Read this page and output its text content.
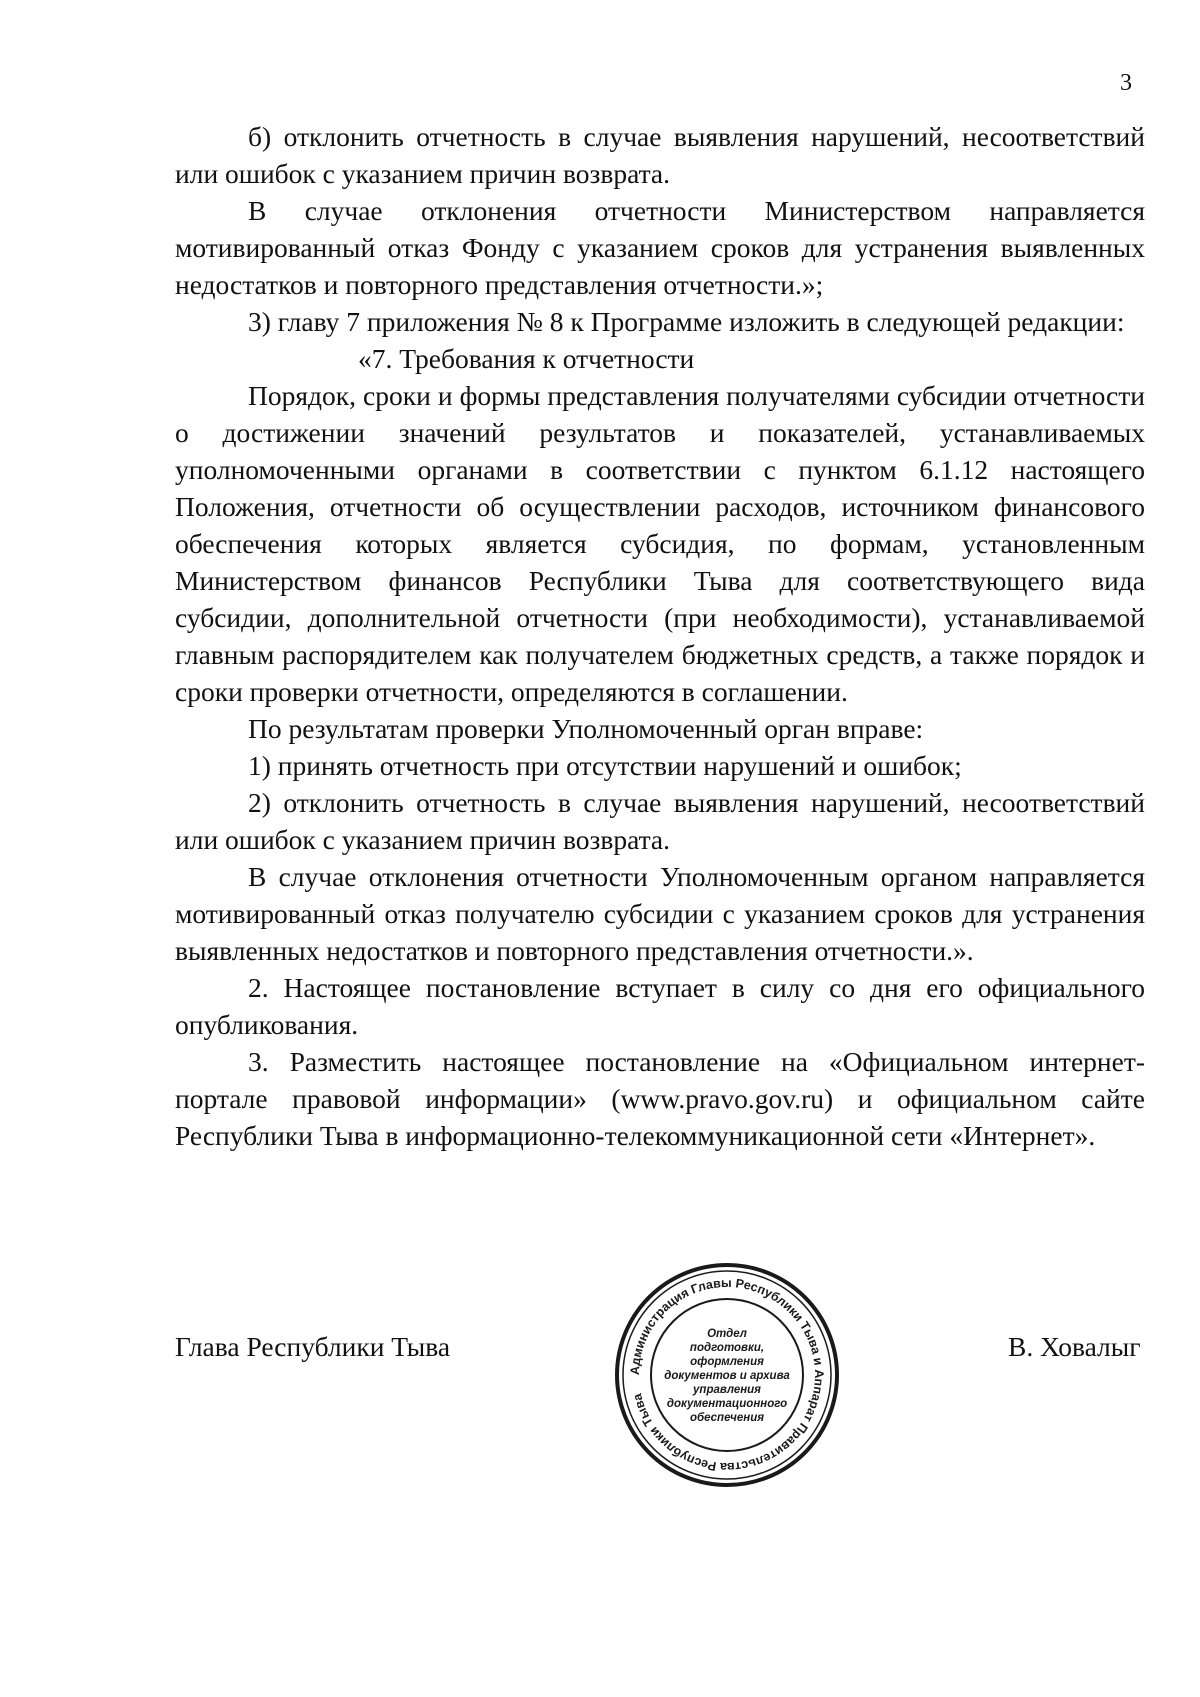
3

б) отклонить отчетность в случае выявления нарушений, несоответствий или ошибок с указанием причин возврата.

В случае отклонения отчетности Министерством направляется мотивированный отказ Фонду с указанием сроков для устранения выявленных недостатков и повторного представления отчетности.»;

3) главу 7 приложения № 8 к Программе изложить в следующей редакции:

«7. Требования к отчетности

Порядок, сроки и формы представления получателями субсидии отчетности о достижении значений результатов и показателей, устанавливаемых уполномоченными органами в соответствии с пунктом 6.1.12 настоящего Положения, отчетности об осуществлении расходов, источником финансового обеспечения которых является субсидия, по формам, установленным Министерством финансов Республики Тыва для соответствующего вида субсидии, дополнительной отчетности (при необходимости), устанавливаемой главным распорядителем как получателем бюджетных средств, а также порядок и сроки проверки отчетности, определяются в соглашении.

По результатам проверки Уполномоченный орган вправе:

1) принять отчетность при отсутствии нарушений и ошибок;

2) отклонить отчетность в случае выявления нарушений, несоответствий или ошибок с указанием причин возврата.

В случае отклонения отчетности Уполномоченным органом направляется мотивированный отказ получателю субсидии с указанием сроков для устранения выявленных недостатков и повторного представления отчетности.».

2. Настоящее постановление вступает в силу со дня его официального опубликования.

3. Разместить настоящее постановление на «Официальном интернет-портале правовой информации» (www.pravo.gov.ru) и официальном сайте Республики Тыва в информационно-телекоммуникационной сети «Интернет».

Глава Республики Тыва	В. Ховалыг
Администрация Главы Республики Тыва и Аппарат Правительства Республики Тыва
Отдел
подготовки,
оформления
документов и архива
управления
документационного
обеспечения
